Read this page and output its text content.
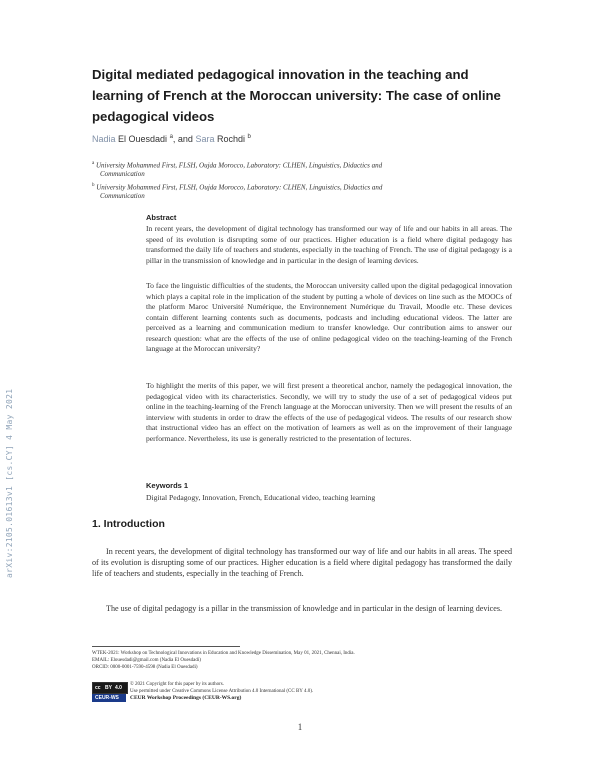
arXiv:2105.01613v1 [cs.CY] 4 May 2021
Digital mediated pedagogical innovation in the teaching and learning of French at the Moroccan university: The case of online pedagogical videos
Nadia El Ouesdadi $^a$, and Sara Rochdi $^b$
$^a$ University Mohammed First, FLSH, Oujda Morocco, Laboratory: CLHEN, Linguistics, Didactics and
Communication
$^b$ University Mohammed First, FLSH, Oujda Morocco, Laboratory: CLHEN, Linguistics, Didactics and
Communication
Abstract

In recent years, the development of digital technology has transformed our way of life and our habits in all areas. The speed of its evolution is disrupting some of our practices. Higher education is a field where digital pedagogy has transformed the daily life of teachers and students, especially in the teaching of French. The use of digital pedagogy is a pillar in the transmission of knowledge and in particular in the design of learning devices.

To face the linguistic difficulties of the students, the Moroccan university called upon the digital pedagogical innovation which plays a capital role in the implication of the student by putting a whole of devices on line such as the MOOCs of the platform Maroc Université Numérique, the Environnement Numérique du Travail, Moodle etc. These devices contain different learning contents such as documents, podcasts and including educational videos. The latter are perceived as a learning and communication medium to transfer knowledge. Our contribution aims to answer our research question: what are the effects of the use of online pedagogical video on the teaching-learning of the French language at the Moroccan university?

To highlight the merits of this paper, we will first present a theoretical anchor, namely the pedagogical innovation, the pedagogical video with its characteristics. Secondly, we will try to study the use of a set of pedagogical videos put online in the teaching-learning of the French language at the Moroccan university. Then we will present the results of an interview with students in order to draw the effects of the use of pedagogical videos. The results of our research show that instructional video has an effect on the motivation of learners as well as on the improvement of their language performance. Nevertheless, its use is generally restricted to the presentation of lectures.

Keywords 1
Digital Pedagogy, Innovation, French, Educational video, teaching learning
1. Introduction

In recent years, the development of digital technology has transformed our way of life and our habits in all areas. The speed of its evolution is disrupting some of our practices. Higher education is a field where digital pedagogy has transformed the daily life of teachers and students, especially in the teaching of French.

The use of digital pedagogy is a pillar in the transmission of knowledge and in particular in the design of learning devices.

WTEK-2021: Workshop on Technological Innovations in Education and Knowledge Dissemination, May 01, 2021, Chennai, India.
EMAIL: Elouesdadi@gmail.com (Nadia El Ouesdadi)
ORCID: 0000-0001-7590-4598 (Nadia El Ouesdadi)
cc BY 4.0
© 2021 Copyright for this paper by its authors.
Use permitted under Creative Commons License Attribution 4.0 International (CC BY 4.0).
CEUR-WS CEUR Workshop Proceedings (CEUR-WS.org)
1
